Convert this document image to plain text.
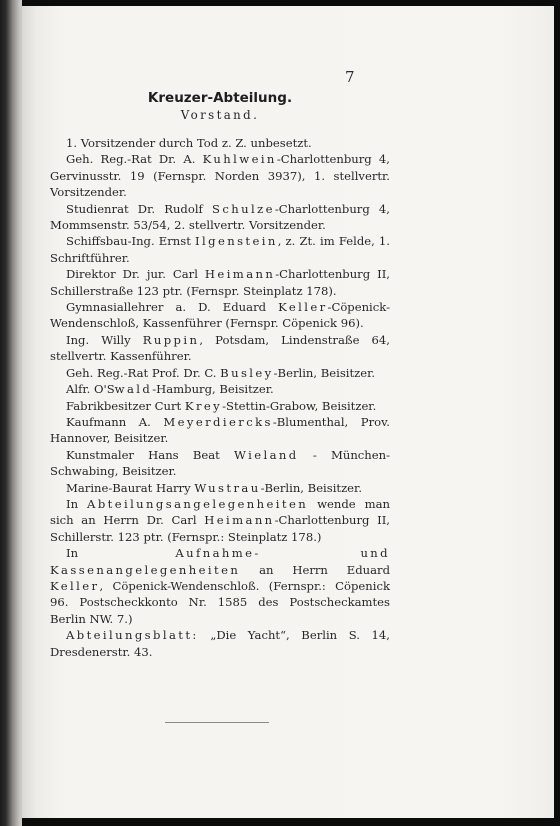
7
Kreuzer-Abteilung.
Vorstand.

1. Vorsitzender durch Tod z. Z. unbesetzt.

Geh. Reg.-Rat Dr. A. Kuhlwein-Charlottenburg 4, Gervinusstr. 19 (Fernspr. Norden 3937), 1. stellvertr. Vorsitzender.

Studienrat Dr. Rudolf Schulze-Charlottenburg 4, Mommsenstr. 53/54, 2. stellvertr. Vorsitzender.

Schiffsbau-Ing. Ernst Ilgenstein, z. Zt. im Felde, 1. Schriftführer.

Direktor Dr. jur. Carl Heimann-Charlottenburg II, Schillerstraße 123 ptr. (Fernspr. Steinplatz 178).

Gymnasiallehrer a. D. Eduard Keller-Cöpenick-Wendenschloß, Kassenführer (Fernspr. Cöpenick 96).

Ing. Willy Ruppin, Potsdam, Lindenstraße 64, stellvertr. Kassenführer.

Geh. Reg.-Rat Prof. Dr. C. Busley-Berlin, Beisitzer.

Alfr. O'Swald-Hamburg, Beisitzer.

Fabrikbesitzer Curt Krey-Stettin-Grabow, Beisitzer.

Kaufmann A. Meyerdiercks-Blumenthal, Prov. Hannover, Beisitzer.

Kunstmaler Hans Beat Wieland - München-Schwabing, Beisitzer.

Marine-Baurat Harry Wustrau-Berlin, Beisitzer.

In Abteilungsangelegenheiten wende man sich an Herrn Dr. Carl Heimann-Charlottenburg II, Schillerstr. 123 ptr. (Fernspr.: Steinplatz 178.)

In Aufnahme- und Kassenangelegenheiten an Herrn Eduard Keller, Cöpenick-Wendenschloß. (Fernspr.: Cöpenick 96. Postscheckkonto Nr. 1585 des Postscheckamtes Berlin NW. 7.)

Abteilungsblatt: „Die Yacht“, Berlin S. 14, Dresdenerstr. 43.
